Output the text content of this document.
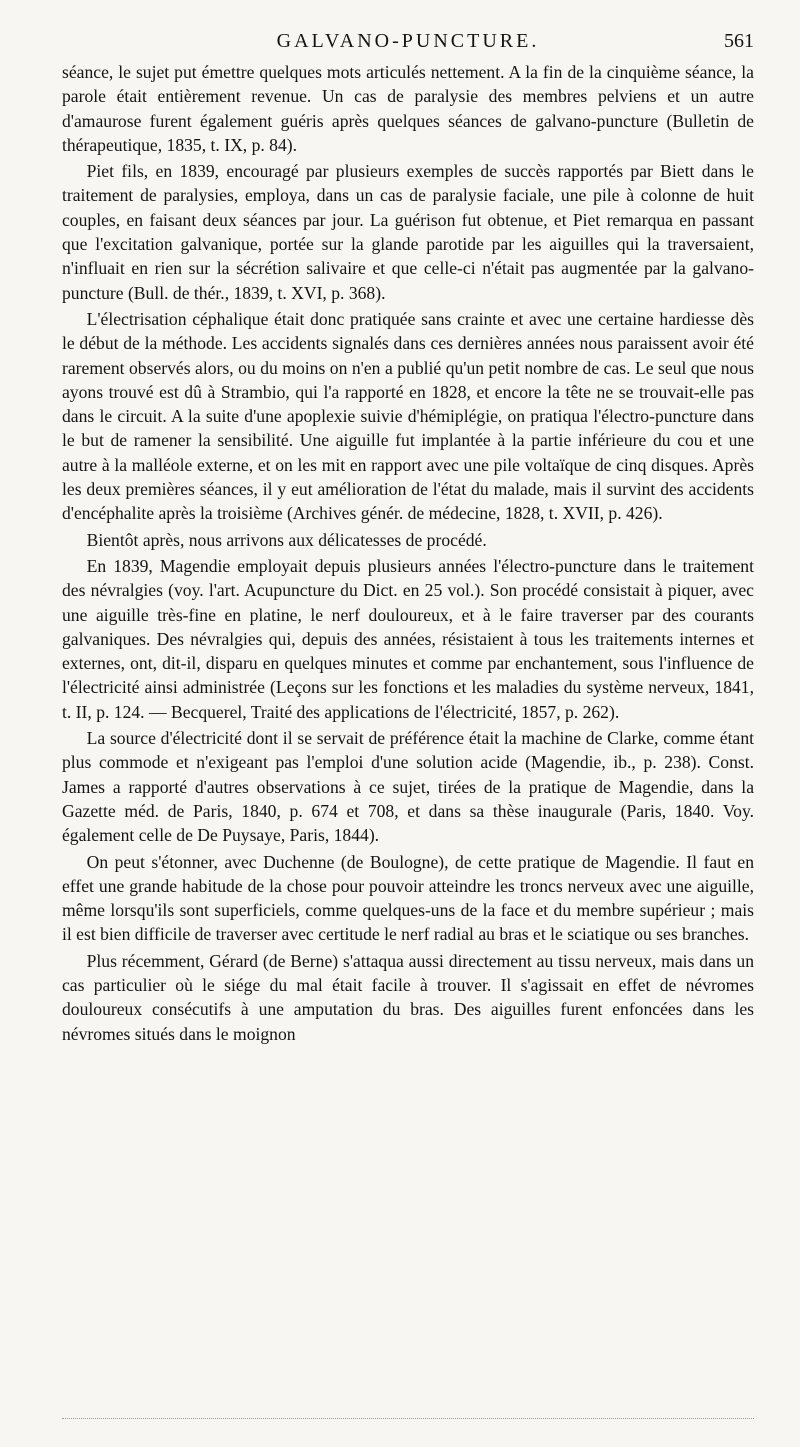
GALVANO-PUNCTURE.	561

séance, le sujet put émettre quelques mots articulés nettement. A la fin de la cinquième séance, la parole était entièrement revenue. Un cas de paralysie des membres pelviens et un autre d'amaurose furent également guéris après quelques séances de galvano-puncture (Bulletin de thérapeutique, 1835, t. IX, p. 84).

Piet fils, en 1839, encouragé par plusieurs exemples de succès rapportés par Biett dans le traitement de paralysies, employa, dans un cas de paralysie faciale, une pile à colonne de huit couples, en faisant deux séances par jour. La guérison fut obtenue, et Piet remarqua en passant que l'excitation galvanique, portée sur la glande parotide par les aiguilles qui la traversaient, n'influait en rien sur la sécrétion salivaire et que celle-ci n'était pas augmentée par la galvano-puncture (Bull. de thér., 1839, t. XVI, p. 368).

L'électrisation céphalique était donc pratiquée sans crainte et avec une certaine hardiesse dès le début de la méthode. Les accidents signalés dans ces dernières années nous paraissent avoir été rarement observés alors, ou du moins on n'en a publié qu'un petit nombre de cas. Le seul que nous ayons trouvé est dû à Strambio, qui l'a rapporté en 1828, et encore la tête ne se trouvait-elle pas dans le circuit. A la suite d'une apoplexie suivie d'hémiplégie, on pratiqua l'électro-puncture dans le but de ramener la sensibilité. Une aiguille fut implantée à la partie inférieure du cou et une autre à la malléole externe, et on les mit en rapport avec une pile voltaïque de cinq disques. Après les deux premières séances, il y eut amélioration de l'état du malade, mais il survint des accidents d'encéphalite après la troisième (Archives génér. de médecine, 1828, t. XVII, p. 426).

Bientôt après, nous arrivons aux délicatesses de procédé.

En 1839, Magendie employait depuis plusieurs années l'électro-puncture dans le traitement des névralgies (voy. l'art. Acupuncture du Dict. en 25 vol.). Son procédé consistait à piquer, avec une aiguille très-fine en platine, le nerf douloureux, et à le faire traverser par des courants galvaniques. Des névralgies qui, depuis des années, résistaient à tous les traitements internes et externes, ont, dit-il, disparu en quelques minutes et comme par enchantement, sous l'influence de l'électricité ainsi administrée (Leçons sur les fonctions et les maladies du système nerveux, 1841, t. II, p. 124. — Becquerel, Traité des applications de l'électricité, 1857, p. 262).

La source d'électricité dont il se servait de préférence était la machine de Clarke, comme étant plus commode et n'exigeant pas l'emploi d'une solution acide (Magendie, ib., p. 238). Const. James a rapporté d'autres observations à ce sujet, tirées de la pratique de Magendie, dans la Gazette méd. de Paris, 1840, p. 674 et 708, et dans sa thèse inaugurale (Paris, 1840. Voy. également celle de De Puysaye, Paris, 1844).

On peut s'étonner, avec Duchenne (de Boulogne), de cette pratique de Magendie. Il faut en effet une grande habitude de la chose pour pouvoir atteindre les troncs nerveux avec une aiguille, même lorsqu'ils sont superficiels, comme quelques-uns de la face et du membre supérieur ; mais il est bien difficile de traverser avec certitude le nerf radial au bras et le sciatique ou ses branches.

Plus récemment, Gérard (de Berne) s'attaqua aussi directement au tissu nerveux, mais dans un cas particulier où le siége du mal était facile à trouver. Il s'agissait en effet de névromes douloureux consécutifs à une amputation du bras. Des aiguilles furent enfoncées dans les névromes situés dans le moignon
